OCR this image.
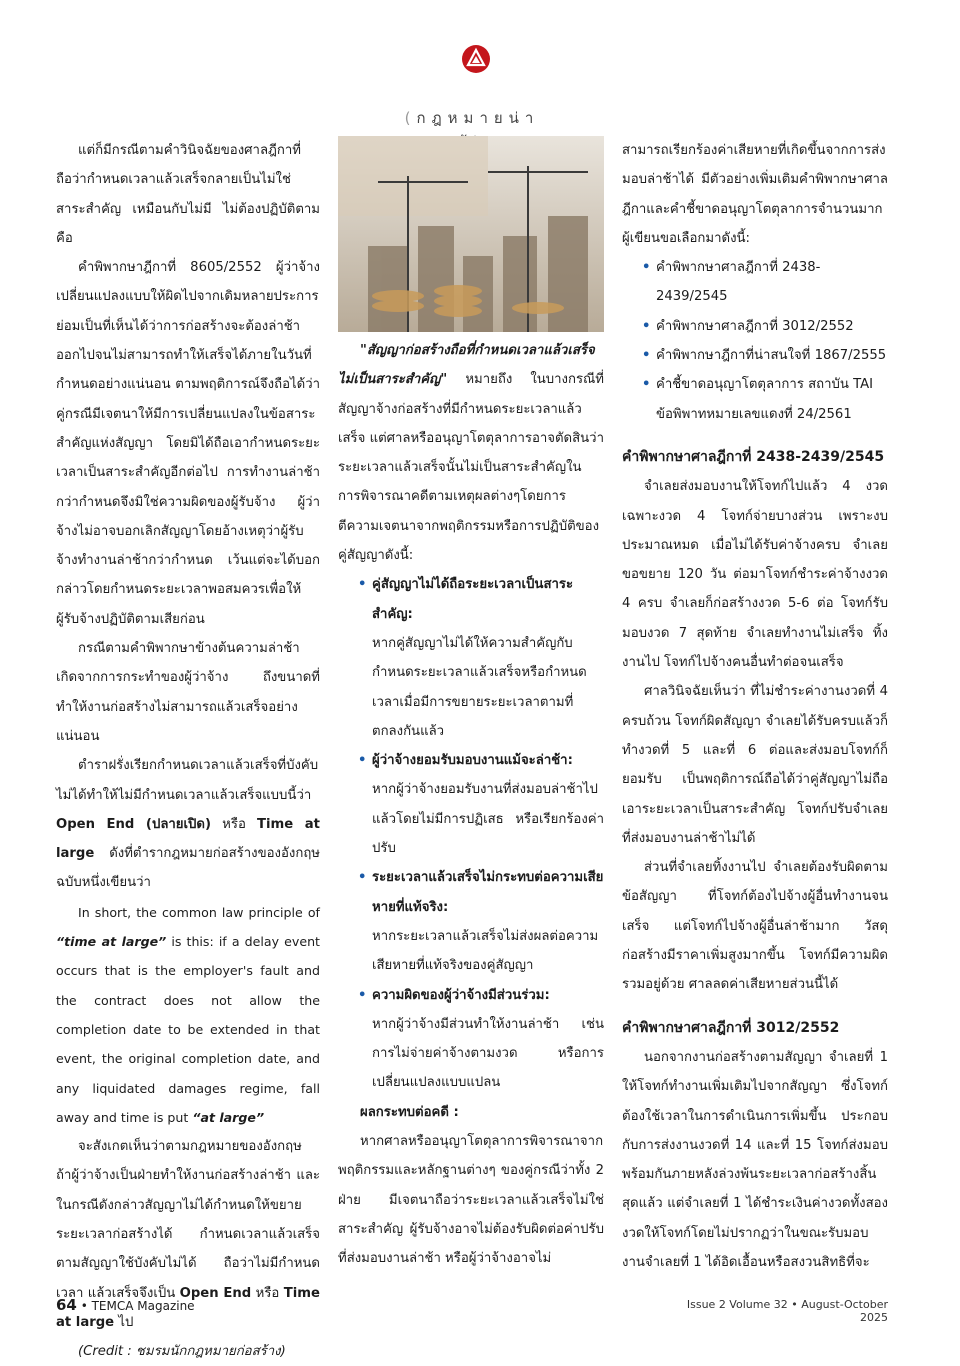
(กฎหมายน่า

แต่ก็มีกรณีตามคำวินิจฉัยของศาลฎีกาที่ถือว่ากำหนดเวลาแล้วเสร็จกลายเป็นไม่ใช่สาระสำคัญ เหมือนกับไม่มี ไม่ต้องปฏิบัติตาม คือ

คำพิพากษาฎีกาที่ 8605/2552 ผู้ว่าจ้างเปลี่ยนแปลงแบบให้ผิดไปจากเดิมหลายประการย่อมเป็นที่เห็นได้ว่าการก่อสร้างจะต้องล่าช้าออกไปจนไม่สามารถทำให้เสร็จได้ภายในวันที่กำหนดอย่างแน่นอน ตามพฤติการณ์จึงถือได้ว่าคู่กรณีมีเจตนาให้มีการเปลี่ยนแปลงในข้อสาระสำคัญแห่งสัญญา โดยมิได้ถือเอากำหนดระยะเวลาเป็นสาระสำคัญอีกต่อไป การทำงานล่าช้ากว่ากำหนดจึงมิใช่ความผิดของผู้รับจ้าง ผู้ว่าจ้างไม่อาจบอกเลิกสัญญาโดยอ้างเหตุว่าผู้รับจ้างทำงานล่าช้ากว่ากำหนด เว้นแต่จะได้บอกกล่าวโดยกำหนดระยะเวลาพอสมควรเพื่อให้ผู้รับจ้างปฏิบัติตามเสียก่อน

กรณีตามคำพิพากษาข้างต้นความล่าช้าเกิดจากการกระทำของผู้ว่าจ้าง ถึงขนาดที่ทำให้งานก่อสร้างไม่สามารถแล้วเสร็จอย่างแน่นอน

ตำราฝรั่งเรียกกำหนดเวลาแล้วเสร็จที่บังคับไม่ได้ทำให้ไม่มีกำหนดเวลาแล้วเสร็จแบบนี้ว่า Open End (ปลายเปิด) หรือ Time at large ดังที่ตำรากฎหมายก่อสร้างของอังกฤษ ฉบับหนึ่งเขียนว่า

In short, the common law principle of “time at large” is this: if a delay event occurs that is the employer's fault and the contract does not allow the completion date to be extended in that event, the original completion date, and any liquidated damages regime, fall away and time is put “at large”

จะสังเกตเห็นว่าตามกฎหมายของอังกฤษ ถ้าผู้ว่าจ้างเป็นฝ่ายทำให้งานก่อสร้างล่าช้า และในกรณีดังกล่าวสัญญาไม่ได้กำหนดให้ขยายระยะเวลาก่อสร้างได้ กำหนดเวลาแล้วเสร็จตามสัญญาใช้บังคับไม่ได้ ถือว่าไม่มีกำหนดเวลา แล้วเสร็จจึงเป็น Open End หรือ Time at large ไป

(Credit : ชมรมนักกฎหมายก่อสร้าง)

"สัญญาก่อสร้างถือที่กำหนดเวลาแล้วเสร็จไม่เป็นสาระสำคัญ" หมายถึง ในบางกรณีที่สัญญาจ้างก่อสร้างที่มีกำหนดระยะเวลาแล้วเสร็จ แต่ศาลหรืออนุญาโตตุลาการอาจตัดสินว่าระยะเวลาแล้วเสร็จนั้นไม่เป็นสาระสำคัญในการพิจารณาคดีตามเหตุผลต่างๆโดยการตีความเจตนาจากพฤติกรรมหรือการปฏิบัติของคู่สัญญาดังนี้:

• คู่สัญญาไม่ได้ถือระยะเวลาเป็นสาระสำคัญ:

หากคู่สัญญาไม่ได้ให้ความสำคัญกับกำหนดระยะเวลาแล้วเสร็จหรือกำหนดเวลาเมื่อมีการขยายระยะเวลาตามที่ตกลงกันแล้ว

• ผู้ว่าจ้างยอมรับมอบงานแม้จะล่าช้า:

หากผู้ว่าจ้างยอมรับงานที่ส่งมอบล่าช้าไปแล้วโดยไม่มีการปฏิเสธ หรือเรียกร้องค่าปรับ

• ระยะเวลาแล้วเสร็จไม่กระทบต่อความเสียหายที่แท้จริง:

หากระยะเวลาแล้วเสร็จไม่ส่งผลต่อความเสียหายที่แท้จริงของคู่สัญญา

• ความผิดของผู้ว่าจ้างมีส่วนร่วม:

หากผู้ว่าจ้างมีส่วนทำให้งานล่าช้า เช่น การไม่จ่ายค่าจ้างตามงวด หรือการเปลี่ยนแปลงแบบแปลน

ผลกระทบต่อคดี :

หากศาลหรืออนุญาโตตุลาการพิจารณาจากพฤติกรรมและหลักฐานต่างๆ ของคู่กรณีว่าทั้ง 2 ฝ่าย มีเจตนาถือว่าระยะเวลาแล้วเสร็จไม่ใช่สาระสำคัญ ผู้รับจ้างอาจไม่ต้องรับผิดต่อค่าปรับที่ส่งมอบงานล่าช้า หรือผู้ว่าจ้างอาจไม่

สามารถเรียกร้องค่าเสียหายที่เกิดขึ้นจากการส่งมอบล่าช้าได้ มีตัวอย่างเพิ่มเติมคำพิพากษาศาลฎีกาและคำชี้ขาดอนุญาโตตุลาการจำนวนมาก ผู้เขียนขอเลือกมาดังนี้:

• คำพิพากษาศาลฎีกาที่ 2438-2439/2545
• คำพิพากษาศาลฎีกาที่ 3012/2552
• คำพิพากษาฎีกาที่น่าสนใจที่ 1867/2555
• คำชี้ขาดอนุญาโตตุลาการ สถาบัน TAI ข้อพิพาทหมายเลขแดงที่ 24/2561

คำพิพากษาศาลฎีกาที่ 2438-2439/2545

จำเลยส่งมอบงานให้โจทก์ไปแล้ว 4 งวด เฉพาะงวด 4 โจทก์จ่ายบางส่วน เพราะงบประมาณหมด เมื่อไม่ได้รับค่าจ้างครบ จำเลยขอขยาย 120 วัน ต่อมาโจทก์ชำระค่าจ้างงวด 4 ครบ จำเลยก็ก่อสร้างงวด 5-6 ต่อ โจทก์รับมอบงวด 7 สุดท้าย จำเลยทำงานไม่เสร็จ ทิ้งงานไป โจทก์ไปจ้างคนอื่นทำต่อจนเสร็จ

ศาลวินิจฉัยเห็นว่า ที่ไม่ชำระค่างานงวดที่ 4 ครบถ้วน โจทก์ผิดสัญญา จำเลยได้รับครบแล้วก็ทำงวดที่ 5 และที่ 6 ต่อและส่งมอบโจทก์ก็ยอมรับ เป็นพฤติการณ์ถือได้ว่าคู่สัญญาไม่ถือเอาระยะเวลาเป็นสาระสำคัญ โจทก์ปรับจำเลยที่ส่งมอบงานล่าช้าไม่ได้

ส่วนที่จำเลยทิ้งงานไป จำเลยต้องรับผิดตามข้อสัญญา ที่โจทก์ต้องไปจ้างผู้อื่นทำงานจนเสร็จ แต่โจทก์ไปจ้างผู้อื่นล่าช้ามาก วัสดุก่อสร้างมีราคาเพิ่มสูงมากขึ้น โจทก์มีความผิดรวมอยู่ด้วย ศาลลดค่าเสียหายส่วนนี้ได้

คำพิพากษาศาลฎีกาที่ 3012/2552

นอกจากงานก่อสร้างตามสัญญา จำเลยที่ 1 ให้โจทก์ทำงานเพิ่มเติมไปจากสัญญา ซึ่งโจทก์ต้องใช้เวลาในการดำเนินการเพิ่มขึ้น ประกอบกับการส่งงานงวดที่ 14 และที่ 15 โจทก์ส่งมอบพร้อมกันภายหลังล่วงพ้นระยะเวลาก่อสร้างสิ้นสุดแล้ว แต่จำเลยที่ 1 ได้ชำระเงินค่างวดทั้งสองงวดให้โจทก์โดยไม่ปรากฏว่าในขณะรับมอบงานจำเลยที่ 1 ได้อิดเอื้อนหรือสงวนสิทธิที่จะ

64 • TEMCA Magazine	Issue 2 Volume 32 • August-October 2025
